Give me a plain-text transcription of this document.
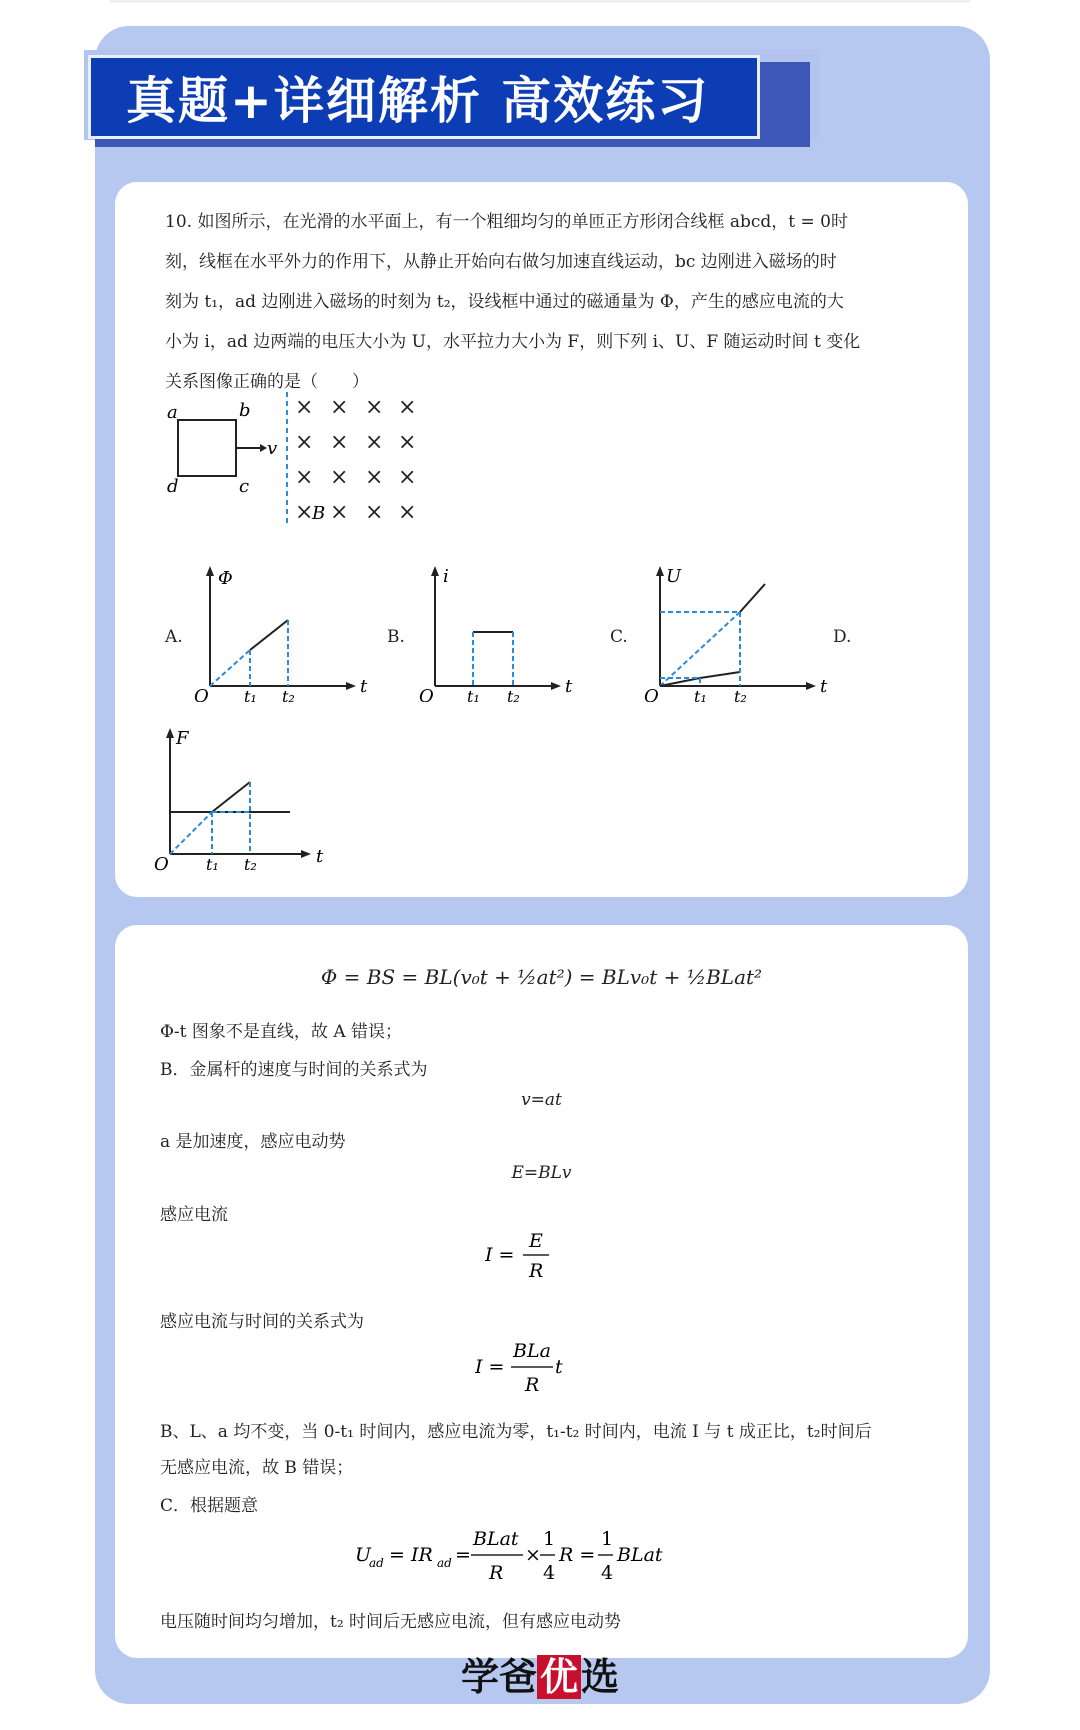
真题+详细解析 高效练习

10. 如图所示，在光滑的水平面上，有一个粗细均匀的单匝正方形闭合线框 abcd，t = 0时

刻，线框在水平外力的作用下，从静止开始向右做匀加速直线运动，bc 边刚进入磁场的时

刻为 t₁，ad 边刚进入磁场的时刻为 t₂，设线框中通过的磁通量为 Φ，产生的感应电流的大

小为 i，ad 边两端的电压大小为 U，水平拉力大小为 F，则下列 i、U、F 随运动时间 t 变化

关系图像正确的是（　　）

a	b
d	c
v
× × × ×
× × × ×
× × × ×
× × × ×
B
A.
Φ
O t₁ t₂	t
B.
i
O t₁ t₂	t
C.
U
O t₁ t₂	t
D.
F
O t₁ t₂	t
Φ = BS = BL(v₀t + ½at²) = BLv₀t + ½BLat²
Φ-t 图象不是直线，故 A 错误；
B．金属杆的速度与时间的关系式为
v=at
a 是加速度，感应电动势
E=BLv
感应电流
I =
E
R
感应电流与时间的关系式为
I =
BLa
R
t
B、L、a 均不变，当 0-t₁ 时间内，感应电流为零，t₁-t₂ 时间内，电流 I 与 t 成正比，t₂时间后
无感应电流，故 B 错误；
C．根据题意
U
ad = IR ad =
BLat
R
×
1
4
R =
1
4
BLat
电压随时间均匀增加，t₂ 时间后无感应电流，但有感应电动势
学爸优选
